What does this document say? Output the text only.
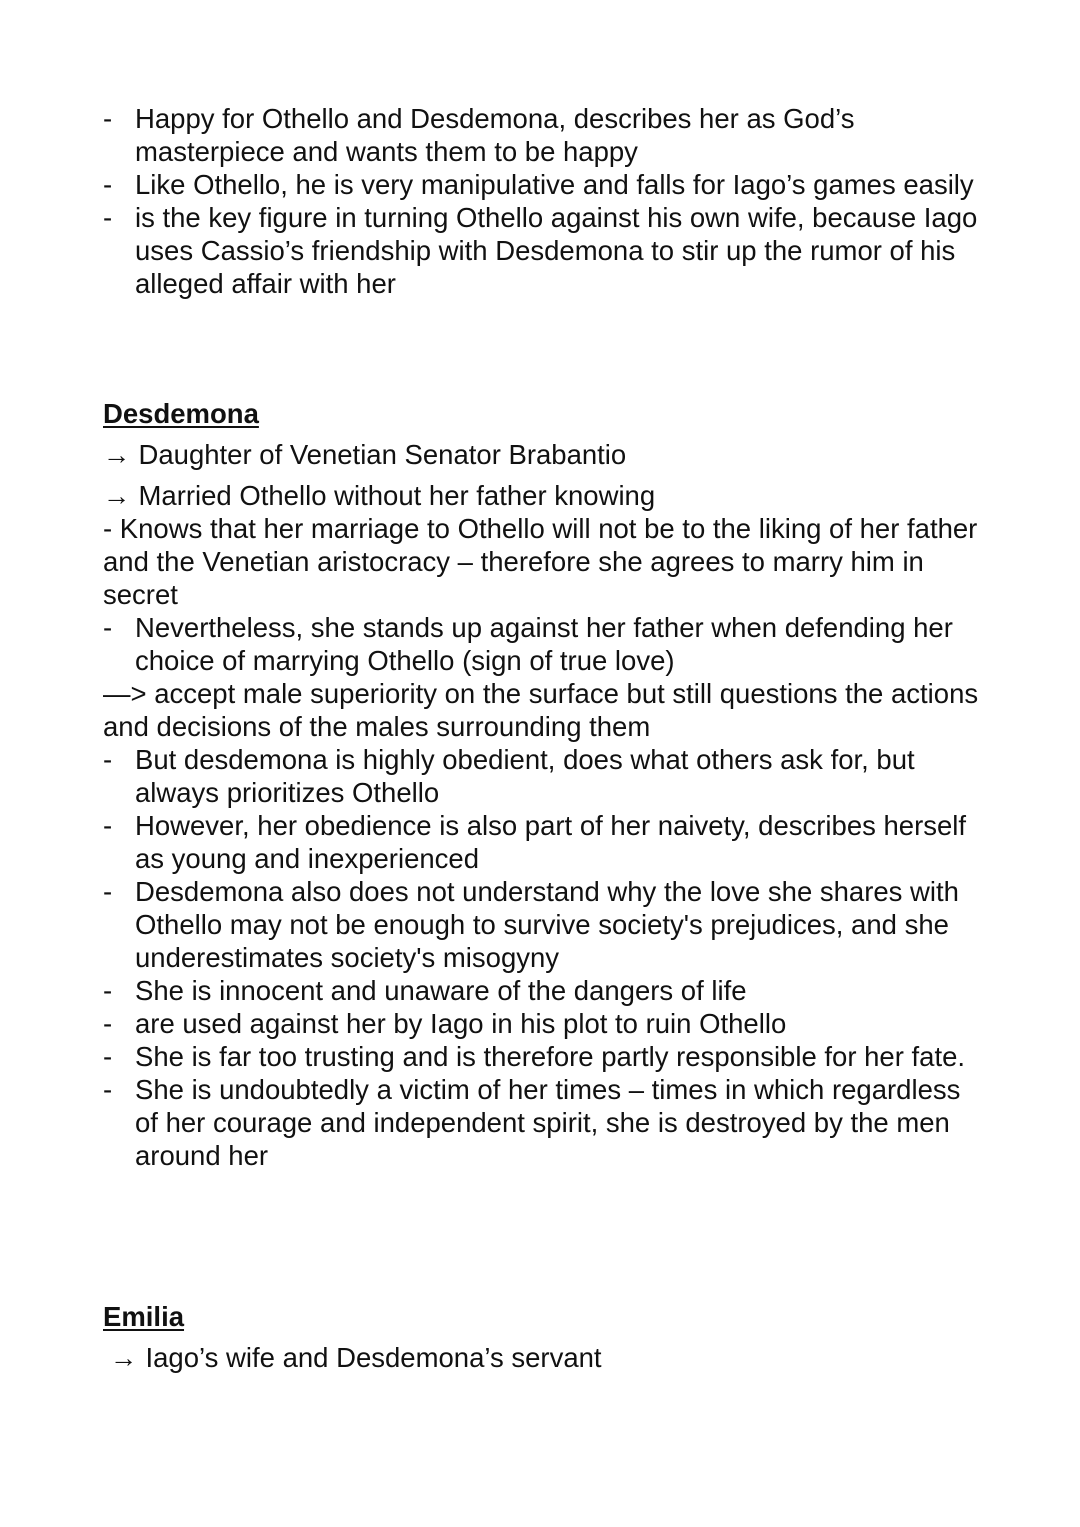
- Happy for Othello and Desdemona, describes her as God’s masterpiece and wants them to be happy
- Like Othello, he is very manipulative and falls for Iago’s games easily
- is the key figure in turning Othello against his own wife, because Iago uses Cassio’s friendship with Desdemona to stir up the rumor of his alleged affair with her
Desdemona
→ Daughter of Venetian Senator Brabantio
→ Married Othello without her father knowing
- Knows that her marriage to Othello will not be to the liking of her father and the Venetian aristocracy – therefore she agrees to marry him in secret
- Nevertheless, she stands up against her father when defending her choice of marrying Othello (sign of true love)
—> accept male superiority on the surface but still questions the actions and decisions of the males surrounding them
- But desdemona is highly obedient, does what others ask for, but always prioritizes Othello
- However, her obedience is also part of her naivety, describes herself as young and inexperienced
- Desdemona also does not understand why the love she shares with Othello may not be enough to survive society's prejudices, and she underestimates society's misogyny
- She is innocent and unaware of the dangers of life
- are used against her by Iago in his plot to ruin Othello
- She is far too trusting and is therefore partly responsible for her fate.
- She is undoubtedly a victim of her times – times in which regardless of her courage and independent spirit, she is destroyed by the men around her
Emilia
→ Iago’s wife and Desdemona’s servant
